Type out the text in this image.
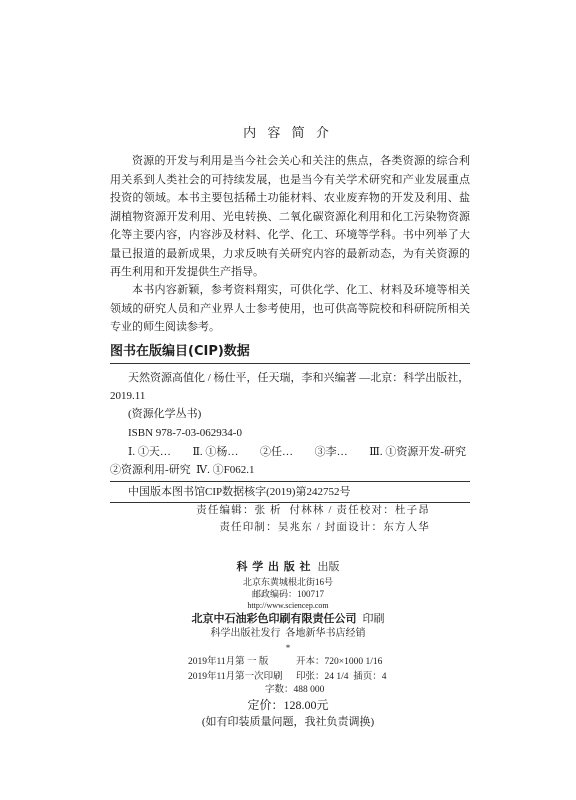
内 容 简 介
资源的开发与利用是当今社会关心和关注的焦点，各类资源的综合利
用关系到人类社会的可持续发展，也是当今有关学术研究和产业发展重点
投资的领域。本书主要包括稀土功能材料、农业废弃物的开发及利用、盐
湖植物资源开发利用、光电转换、二氧化碳资源化利用和化工污染物资源
化等主要内容，内容涉及材料、化学、化工、环境等学科。书中列举了大
量已报道的最新成果，力求反映有关研究内容的最新动态，为有关资源的
再生利用和开发提供生产指导。
本书内容新颖，参考资料翔实，可供化学、化工、材料及环境等相关
领域的研究人员和产业界人士参考使用，也可供高等院校和科研院所相关
专业的师生阅读参考。
图书在版编目(CIP)数据
天然资源高值化 / 杨仕平，任天瑞，李和兴编著 —北京：科学出版社，
2019.11
(资源化学丛书)
ISBN 978-7-03-062934-0
Ⅰ. ①天… Ⅱ. ①杨… ②任… ③李… Ⅲ. ①资源开发-研究
②资源利用-研究  Ⅳ. ①F062.1
中国版本图书馆CIP数据核字(2019)第242752号
责任编辑：张 析  付林林 / 责任校对：杜子昂
责任印制：吴兆东 / 封面设计：东方人华
科 学 出 版 社 出版
北京东黄城根北街16号
邮政编码：100717
http://www.sciencep.com
北京中石油彩色印刷有限责任公司 印刷
科学出版社发行  各地新华书店经销
*
2019年11月第 一 版	开本：720×1000 1/16
2019年11月第一次印刷 印张：24 1/4  插页：4
字数：488 000
定价：128.00元
(如有印装质量问题，我社负责调换)
